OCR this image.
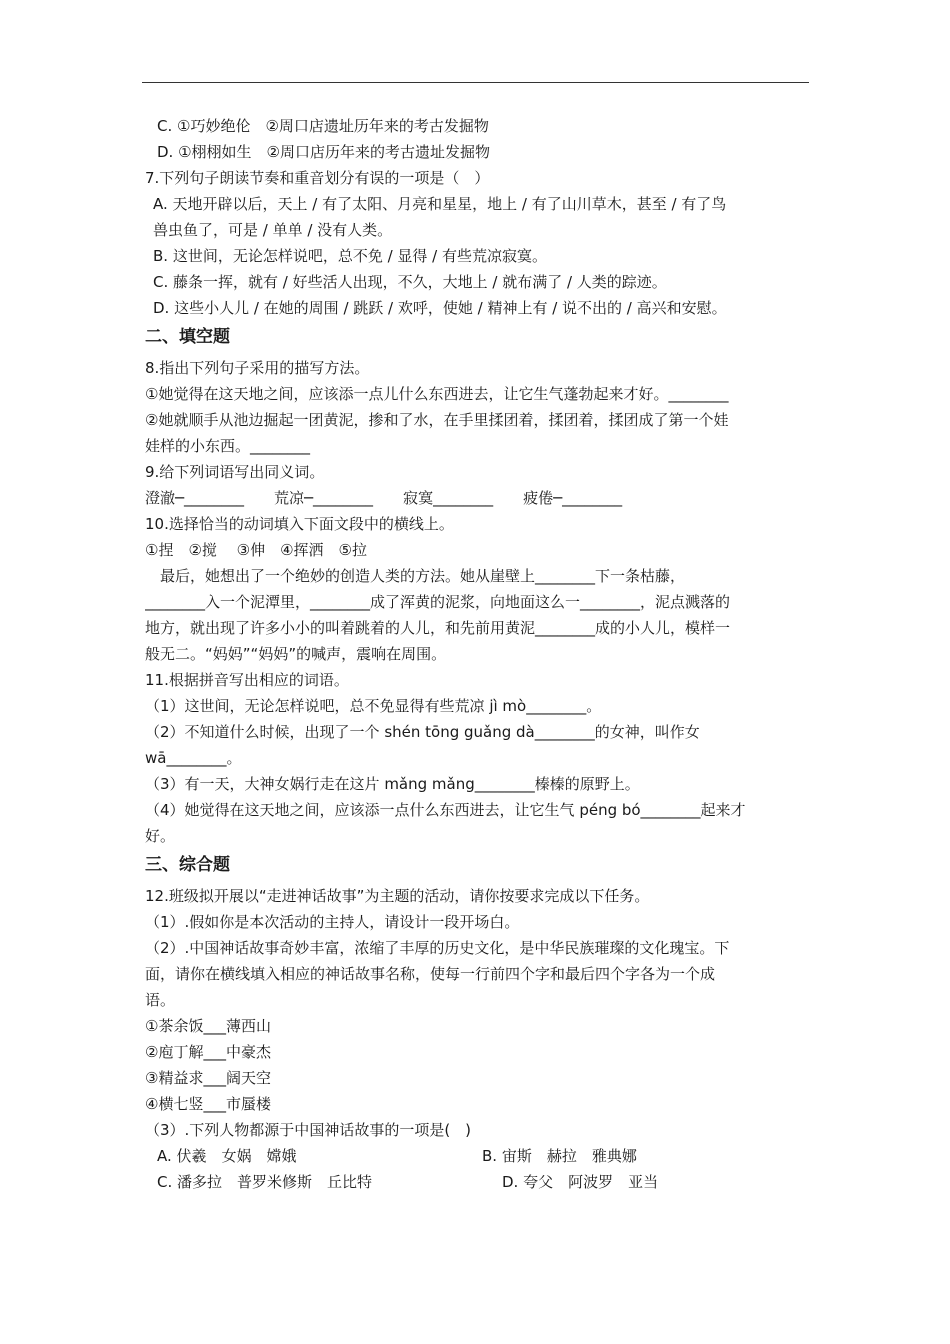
C. ①巧妙绝伦　②周口店遗址历年来的考古发掘物
D. ①栩栩如生　②周口店历年来的考古遗址发掘物
7.下列句子朗读节奏和重音划分有误的一项是（　）
A. 天地开辟以后，天上 / 有了太阳、月亮和星星，地上 / 有了山川草木，甚至 / 有了鸟
兽虫鱼了，可是 / 单单 / 没有人类。
B. 这世间，无论怎样说吧，总不免 / 显得 / 有些荒凉寂寞。
C. 藤条一挥，就有 / 好些活人出现，不久，大地上 / 就布满了 / 人类的踪迹。
D. 这些小人儿 / 在她的周围 / 跳跃 / 欢呼，使她 / 精神上有 / 说不出的 / 高兴和安慰。
二、填空题
8.指出下列句子采用的描写方法。
①她觉得在这天地之间，应该添一点儿什么东西进去，让它生气蓬勃起来才好。________
②她就顺手从池边掘起一团黄泥，掺和了水，在手里揉团着，揉团着，揉团成了第一个娃
娃样的小东西。________
9.给下列词语写出同义词。
澄澈─________　　荒凉─________　　寂寞________　　疲倦─________
10.选择恰当的动词填入下面文段中的横线上。
①捏　②搅　 ③伸　④挥洒　⑤拉
　最后，她想出了一个绝妙的创造人类的方法。她从崖壁上________下一条枯藤，
________入一个泥潭里，________成了浑黄的泥浆，向地面这么一________，泥点溅落的
地方，就出现了许多小小的叫着跳着的人儿，和先前用黄泥________成的小人儿，模样一
般无二。“妈妈”“妈妈”的喊声，震响在周围。
11.根据拼音写出相应的词语。
（1）这世间，无论怎样说吧，总不免显得有些荒凉 jì mò________。
（2）不知道什么时候，出现了一个 shén tōng guǎng dà________的女神，叫作女
wā________。
（3）有一天，大神女娲行走在这片 mǎng mǎng________榛榛的原野上。
（4）她觉得在这天地之间，应该添一点什么东西进去，让它生气 péng bó________起来才
好。
三、综合题
12.班级拟开展以“走进神话故事”为主题的活动，请你按要求完成以下任务。
（1）.假如你是本次活动的主持人，请设计一段开场白。
（2）.中国神话故事奇妙丰富，浓缩了丰厚的历史文化，是中华民族璀璨的文化瑰宝。下
面，请你在横线填入相应的神话故事名称，使每一行前四个字和最后四个字各为一个成
语。
①茶余饭___薄西山
②庖丁解___中豪杰
③精益求___阔天空
④横七竖___市蜃楼
（3）.下列人物都源于中国神话故事的一项是(　)
A. 伏羲　女娲　嫦娥	B. 宙斯　赫拉　雅典娜
C. 潘多拉　普罗米修斯　丘比特	D. 夸父　阿波罗　亚当
